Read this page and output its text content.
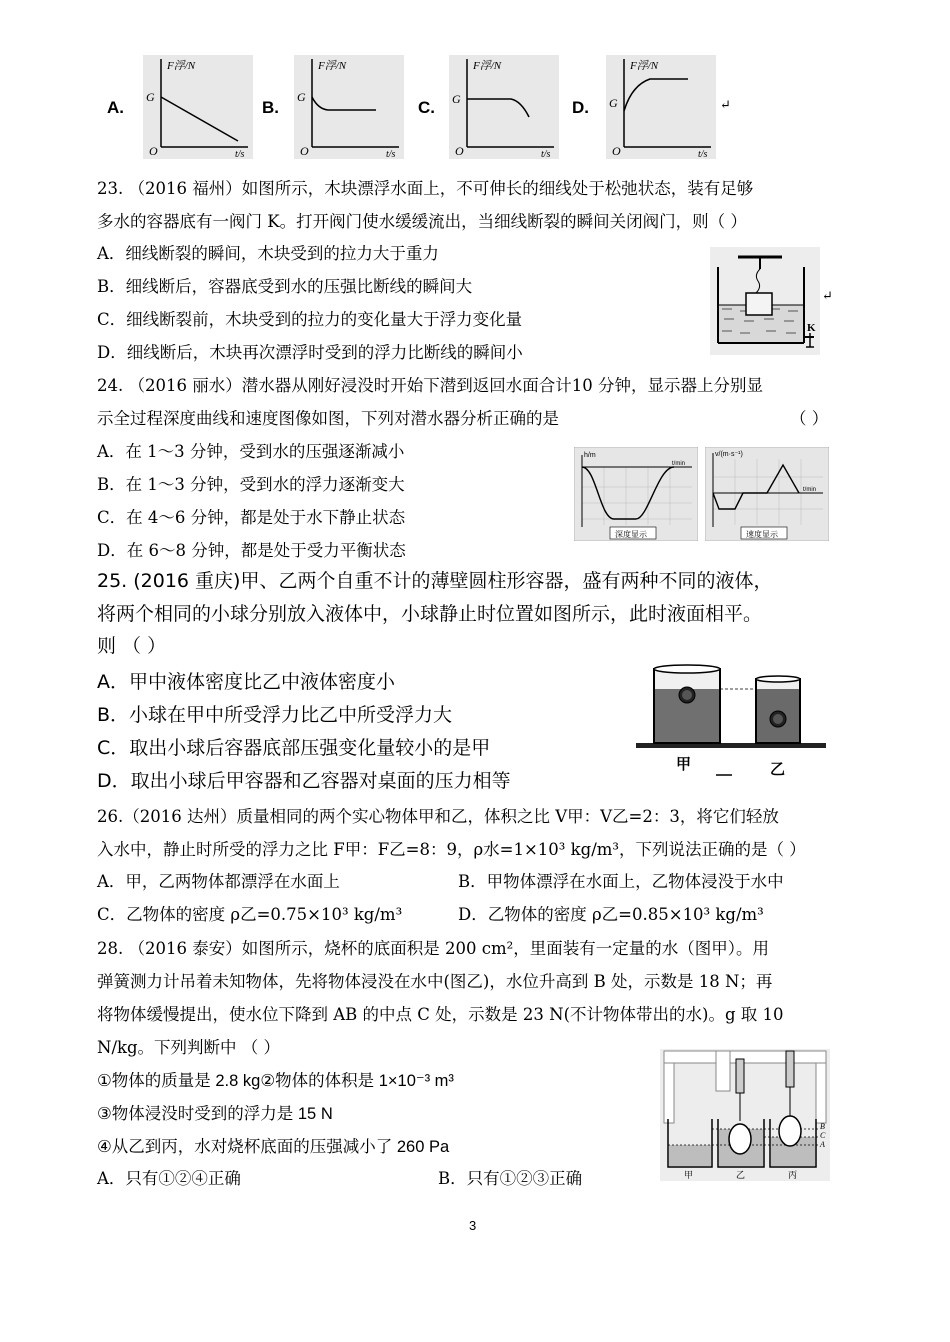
A.
F浮/N
G
O	t/s
B.
F浮/N
G
O	t/s
C.
F浮/N
G
O	t/s
D.
F浮/N
G
O	t/s
↵
23. （2016 福州）如图所示，木块漂浮水面上，不可伸长的细线处于松弛状态，装有足够
多水的容器底有一阀门 K。打开阀门使水缓缓流出，当细线断裂的瞬间关闭阀门，则（ ）
A．细线断裂的瞬间，木块受到的拉力大于重力
B．细线断后，容器底受到水的压强比断线的瞬间大
C．细线断裂前，木块受到的拉力的变化量大于浮力变化量
D．细线断后，木块再次漂浮时受到的浮力比断线的瞬间小
K
↵
24. （2016 丽水）潜水器从刚好浸没时开始下潜到返回水面合计10 分钟，显示器上分别显
示全过程深度曲线和速度图像如图，下列对潜水器分析正确的是	（ ）
A．在 1～3 分钟，受到水的压强逐渐减小
B．在 1～3 分钟，受到水的浮力逐渐变大
C．在 4～6 分钟，都是处于水下静止状态
D．在 6～8 分钟，都是处于受力平衡状态
h/m
t/min
深度显示
v/(m·s⁻¹)
t/min
速度显示
25. (2016 重庆)甲、乙两个自重不计的薄壁圆柱形容器，盛有两种不同的液体，
将两个相同的小球分别放入液体中，小球静止时位置如图所示，此时液面相平。
则 （ ）
A．甲中液体密度比乙中液体密度小
B．小球在甲中所受浮力比乙中所受浮力大
C．取出小球后容器底部压强变化量较小的是甲
D．取出小球后甲容器和乙容器对桌面的压力相等
甲	乙
26.（2016 达州）质量相同的两个实心物体甲和乙，体积之比 V甲：V乙=2：3，将它们轻放
入水中，静止时所受的浮力之比 F甲：F乙=8：9，ρ水=1×10³ kg/m³，下列说法正确的是（ ）
A．甲，乙两物体都漂浮在水面上	B．甲物体漂浮在水面上，乙物体浸没于水中
C．乙物体的密度 ρ乙=0.75×10³ kg/m³	D．乙物体的密度 ρ乙=0.85×10³ kg/m³
28. （2016 泰安）如图所示，烧杯的底面积是 200 cm²，里面装有一定量的水（图甲）。用
弹簧测力计吊着未知物体，先将物体浸没在水中(图乙)，水位升高到 B 处，示数是 18 N；再
将物体缓慢提出，使水位下降到 AB 的中点 C 处，示数是 23 N(不计物体带出的水)。g 取 10
N/kg。下列判断中 （ ）
①物体的质量是 2.8 kg②物体的体积是 1×10⁻³ m³
③物体浸没时受到的浮力是 15 N
④从乙到丙，水对烧杯底面的压强减小了 260 Pa
A．只有①②④正确	B．只有①②③正确
B
C
A
甲	乙	丙
3
